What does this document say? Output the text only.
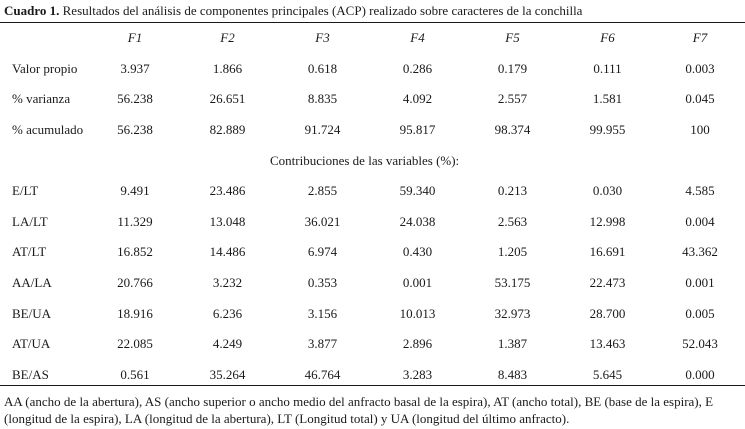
Cuadro 1. Resultados del análisis de componentes principales (ACP) realizado sobre caracteres de la conchilla
	F1	F2	F3	F4	F5	F6	F7
Valor propio	3.937	1.866	0.618	0.286	0.179	0.111	0.003
% varianza	56.238	26.651	8.835	4.092	2.557	1.581	0.045
% acumulado	56.238	82.889	91.724	95.817	98.374	99.955	100
Contribuciones de las variables (%):							
E/LT	9.491	23.486	2.855	59.340	0.213	0.030	4.585
LA/LT	11.329	13.048	36.021	24.038	2.563	12.998	0.004
AT/LT	16.852	14.486	6.974	0.430	1.205	16.691	43.362
AA/LA	20.766	3.232	0.353	0.001	53.175	22.473	0.001
BE/UA	18.916	6.236	3.156	10.013	32.973	28.700	0.005
AT/UA	22.085	4.249	3.877	2.896	1.387	13.463	52.043
BE/AS	0.561	35.264	46.764	3.283	8.483	5.645	0.000
AA (ancho de la abertura), AS (ancho superior o ancho medio del anfracto basal de la espira), AT (ancho total), BE (base de la espira), E (longitud de la espira), LA (longitud de la abertura), LT (Longitud total) y UA (longitud del último anfracto).
